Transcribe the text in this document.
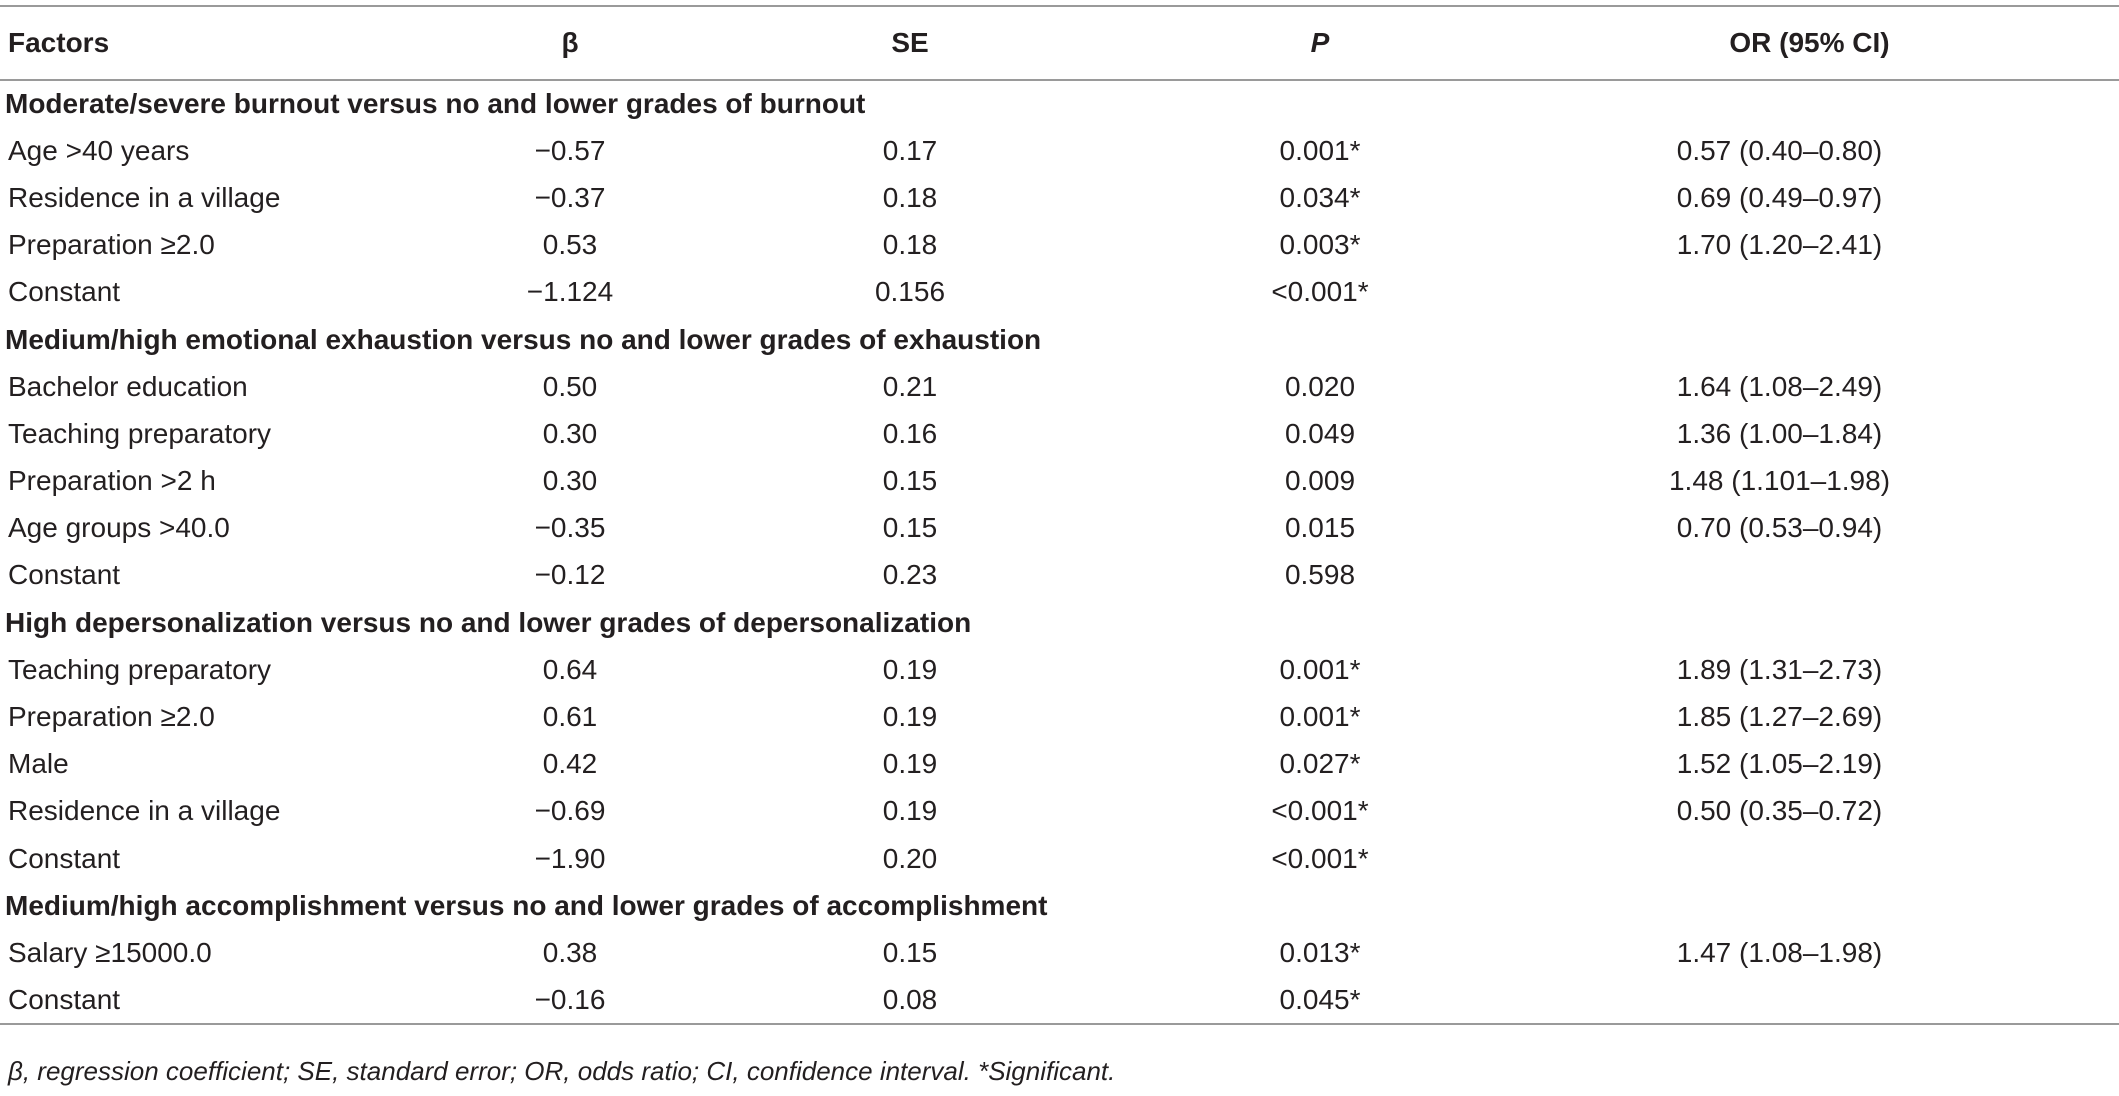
Factors	β	SE	P	OR (95% CI)
Moderate/severe burnout versus no and lower grades of burnout				
Age >40 years	−0.57	0.17	0.001*	0.57 (0.40–0.80)
Residence in a village	−0.37	0.18	0.034*	0.69 (0.49–0.97)
Preparation ≥2.0	0.53	0.18	0.003*	1.70 (1.20–2.41)
Constant	−1.124	0.156	<0.001*	
Medium/high emotional exhaustion versus no and lower grades of exhaustion				
Bachelor education	0.50	0.21	0.020	1.64 (1.08–2.49)
Teaching preparatory	0.30	0.16	0.049	1.36 (1.00–1.84)
Preparation >2 h	0.30	0.15	0.009	1.48 (1.101–1.98)
Age groups >40.0	−0.35	0.15	0.015	0.70 (0.53–0.94)
Constant	−0.12	0.23	0.598	
High depersonalization versus no and lower grades of depersonalization				
Teaching preparatory	0.64	0.19	0.001*	1.89 (1.31–2.73)
Preparation ≥2.0	0.61	0.19	0.001*	1.85 (1.27–2.69)
Male	0.42	0.19	0.027*	1.52 (1.05–2.19)
Residence in a village	−0.69	0.19	<0.001*	0.50 (0.35–0.72)
Constant	−1.90	0.20	<0.001*	
Medium/high accomplishment versus no and lower grades of accomplishment				
Salary ≥15000.0	0.38	0.15	0.013*	1.47 (1.08–1.98)
Constant	−0.16	0.08	0.045*	
β, regression coefficient; SE, standard error; OR, odds ratio; CI, confidence interval. *Significant.
